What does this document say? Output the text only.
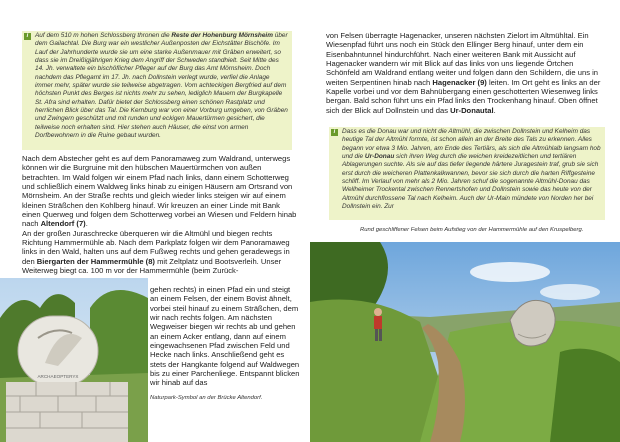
i	Auf dem 510 m hohen Schlossberg thronen die Reste der Hohenburg Mörnsheim über dem Gailachtal. Die Burg war ein westlicher Außenposten der Eichstätter Bischöfe. Im Lauf der Jahrhunderte wurde sie um eine starke Außenmauer mit Gräben erweitert, so dass sie im Dreißigjährigen Krieg dem Angriff der Schweden standhielt. Seit Mitte des 14. Jh. verwaltete ein bischöflicher Pfleger auf der Burg das Amt Mörnsheim. Doch nachdem das Pflegamt im 17. Jh. nach Dollnstein verlegt wurde, verfiel die Anlage immer mehr, später wurde sie teilweise abgetragen. Vom achteckigen Bergfried auf dem höchsten Punkt des Berges ist nichts mehr zu sehen, lediglich Mauern der Burgkapelle St. Afra sind erhalten. Dafür bietet der Schlossberg einen schönen Rastplatz und herrlichen Blick über das Tal. Die Kernburg war von einer Vorburg umgeben, von Gräben und Zwingern geschützt und mit runden und eckigen Mauertürmen gesichert, die teilweise noch erhalten sind. Hier stehen auch Häuser, die einst von armen Dorfbewohnern in die Ruine gebaut wurden.

Nach dem Abstecher geht es auf dem Panoramaweg zum Waldrand, unterwegs können wir die Burgruine mit den hübschen Mauertürmchen von außen betrachten. Im Wald folgen wir einem Pfad nach links, dann einem Schotterweg und schließlich einem Waldweg links hinab zu einigen Häusern am Ortsrand von Mörnsheim. An der Straße rechts und gleich wieder links steigen wir auf einem kleinen Sträßchen den Kohlberg hinauf. Wir kreuzen an einer Linde mit Bank einen Querweg und folgen dem Schotterweg vorbei an Wiesen und Feldern hinab nach Altendorf (7).

An der großen Juraschrecke überqueren wir die Altmühl und biegen rechts Richtung Hammermühle ab. Nach dem Parkplatz folgen wir dem Panoramaweg links in den Wald, halten uns auf dem Fußweg rechts und gehen geradewegs in den Biergarten der Hammermühle (8) mit Zeltplatz und Bootsverleih. Unser Weiterweg biegt ca. 100 m vor der Hammermühle (beim Zurück-

gehen rechts) in einen Pfad ein und steigt an einem Felsen, der einem Bovist ähnelt, vorbei steil hinauf zu einem Sträßchen, dem wir nach rechts folgen. Am nächsten Wegweiser biegen wir rechts ab und gehen an einem Acker entlang, dann auf einem eingewachsenen Pfad zwischen Feld und Hecke nach links. Anschließend geht es stets der Hangkante folgend auf Waldwegen bis zu einer Parchenliege. Entspannt blicken wir hinab auf das

Naturpark-Symbol an der Brücke Altendorf.
ARCHAEOPTERYX

von Felsen überragte Hagenacker, unseren nächsten Zielort im Altmühltal. Ein Wiesenpfad führt uns noch ein Stück den Ellinger Berg hinauf, unter dem ein Eisenbahntunnel hindurchführt. Nach einer weiteren Bank mit Aussicht auf Hagenacker wandern wir mit Blick auf das links von uns liegende Örtchen Schönfeld am Waldrand entlang weiter und folgen dann den Schildern, die uns in weiten Serpentinen hinab nach Hagenacker (9) leiten. Im Ort geht es links an der Kapelle vorbei und vor dem Bahnübergang einen geschotterten Wiesenweg links bergan. Bald schon führt uns ein Pfad links den Trockenhang hinauf. Oben öffnet sich der Blick auf Dollnstein und das Ur-Donautal.

i	Dass es die Donau war und nicht die Altmühl, die zwischen Dollnstein und Kelheim das heutige Tal der Altmühl formte, ist schon allein an der Breite des Tals zu erkennen. Alles begann vor etwa 3 Mio. Jahren, am Ende des Tertiärs, als sich die Altmühlalb langsam hob und die Ur-Donau sich ihren Weg durch die weichen kreidezeitlichen und tertiären Ablagerungen suchte. Als sie auf das tiefer liegende härtere Juragestein traf, grub sie sich erst durch die weicheren Plattenkalkwannen, bevor sie sich durch die harten Riffgesteine schliff. Im Verlauf von mehr als 2 Mio. Jahren schuf die sogenannte Altmühl-Donau das Wellheimer Trockental zwischen Rennertshofen und Dollnstein sowie das heute von der Altmühl durchflossene Tal nach Kelheim. Auch der Ur-Main mündete von Norden her bei Dollnstein ein. Zur

Rund geschliffener Felsen beim Aufstieg von der Hammermühle auf den Kruspelberg.
